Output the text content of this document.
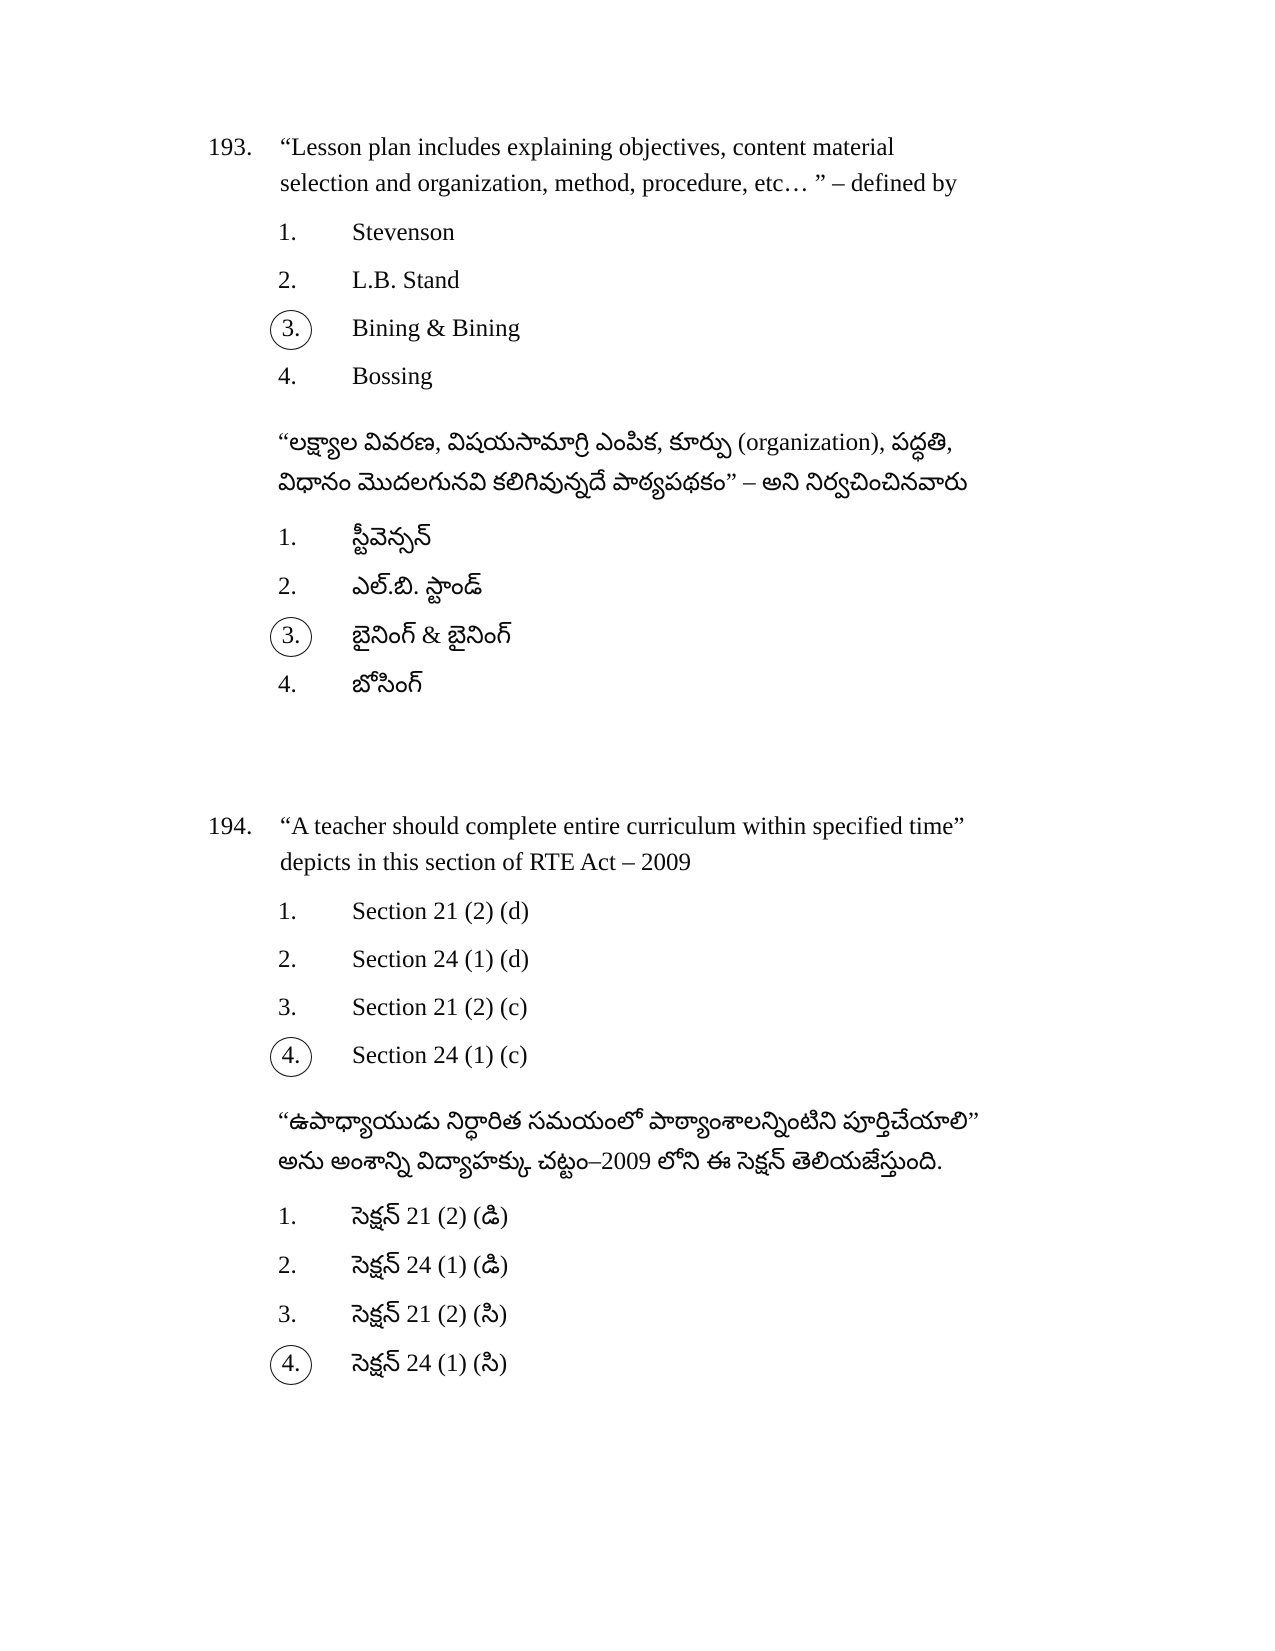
193.	“Lesson plan includes explaining objectives, content material
selection and organization, method, procedure, etc… ” – defined by
1.	Stevenson
2.	L.B. Stand
3.	Bining & Bining
4.	Bossing
“లక్ష్యాల వివరణ, విషయసామాగ్రి ఎంపిక, కూర్పు (organization), పద్ధతి,
విధానం మొదలగునవి కలిగివున్నదే పాఠ్యపథకం” – అని నిర్వచించినవారు
1.	స్టీవెన్సన్
2.	ఎల్.బి. స్టాండ్
3.	బైనింగ్ & బైనింగ్
4.	బోసింగ్
194.	“A teacher should complete entire curriculum within specified time”
depicts in this section of RTE Act – 2009
1.	Section 21 (2) (d)
2.	Section 24 (1) (d)
3.	Section 21 (2) (c)
4.	Section 24 (1) (c)
“ఉపాధ్యాయుడు నిర్ధారిత సమయంలో పాఠ్యాంశాలన్నింటిని పూర్తిచేయాలి”
అను అంశాన్ని విద్యాహక్కు చట్టం–2009 లోని ఈ సెక్షన్ తెలియజేస్తుంది.
1.	సెక్షన్ 21 (2) (డి)
2.	సెక్షన్ 24 (1) (డి)
3.	సెక్షన్ 21 (2) (సి)
4.	సెక్షన్ 24 (1) (సి)
